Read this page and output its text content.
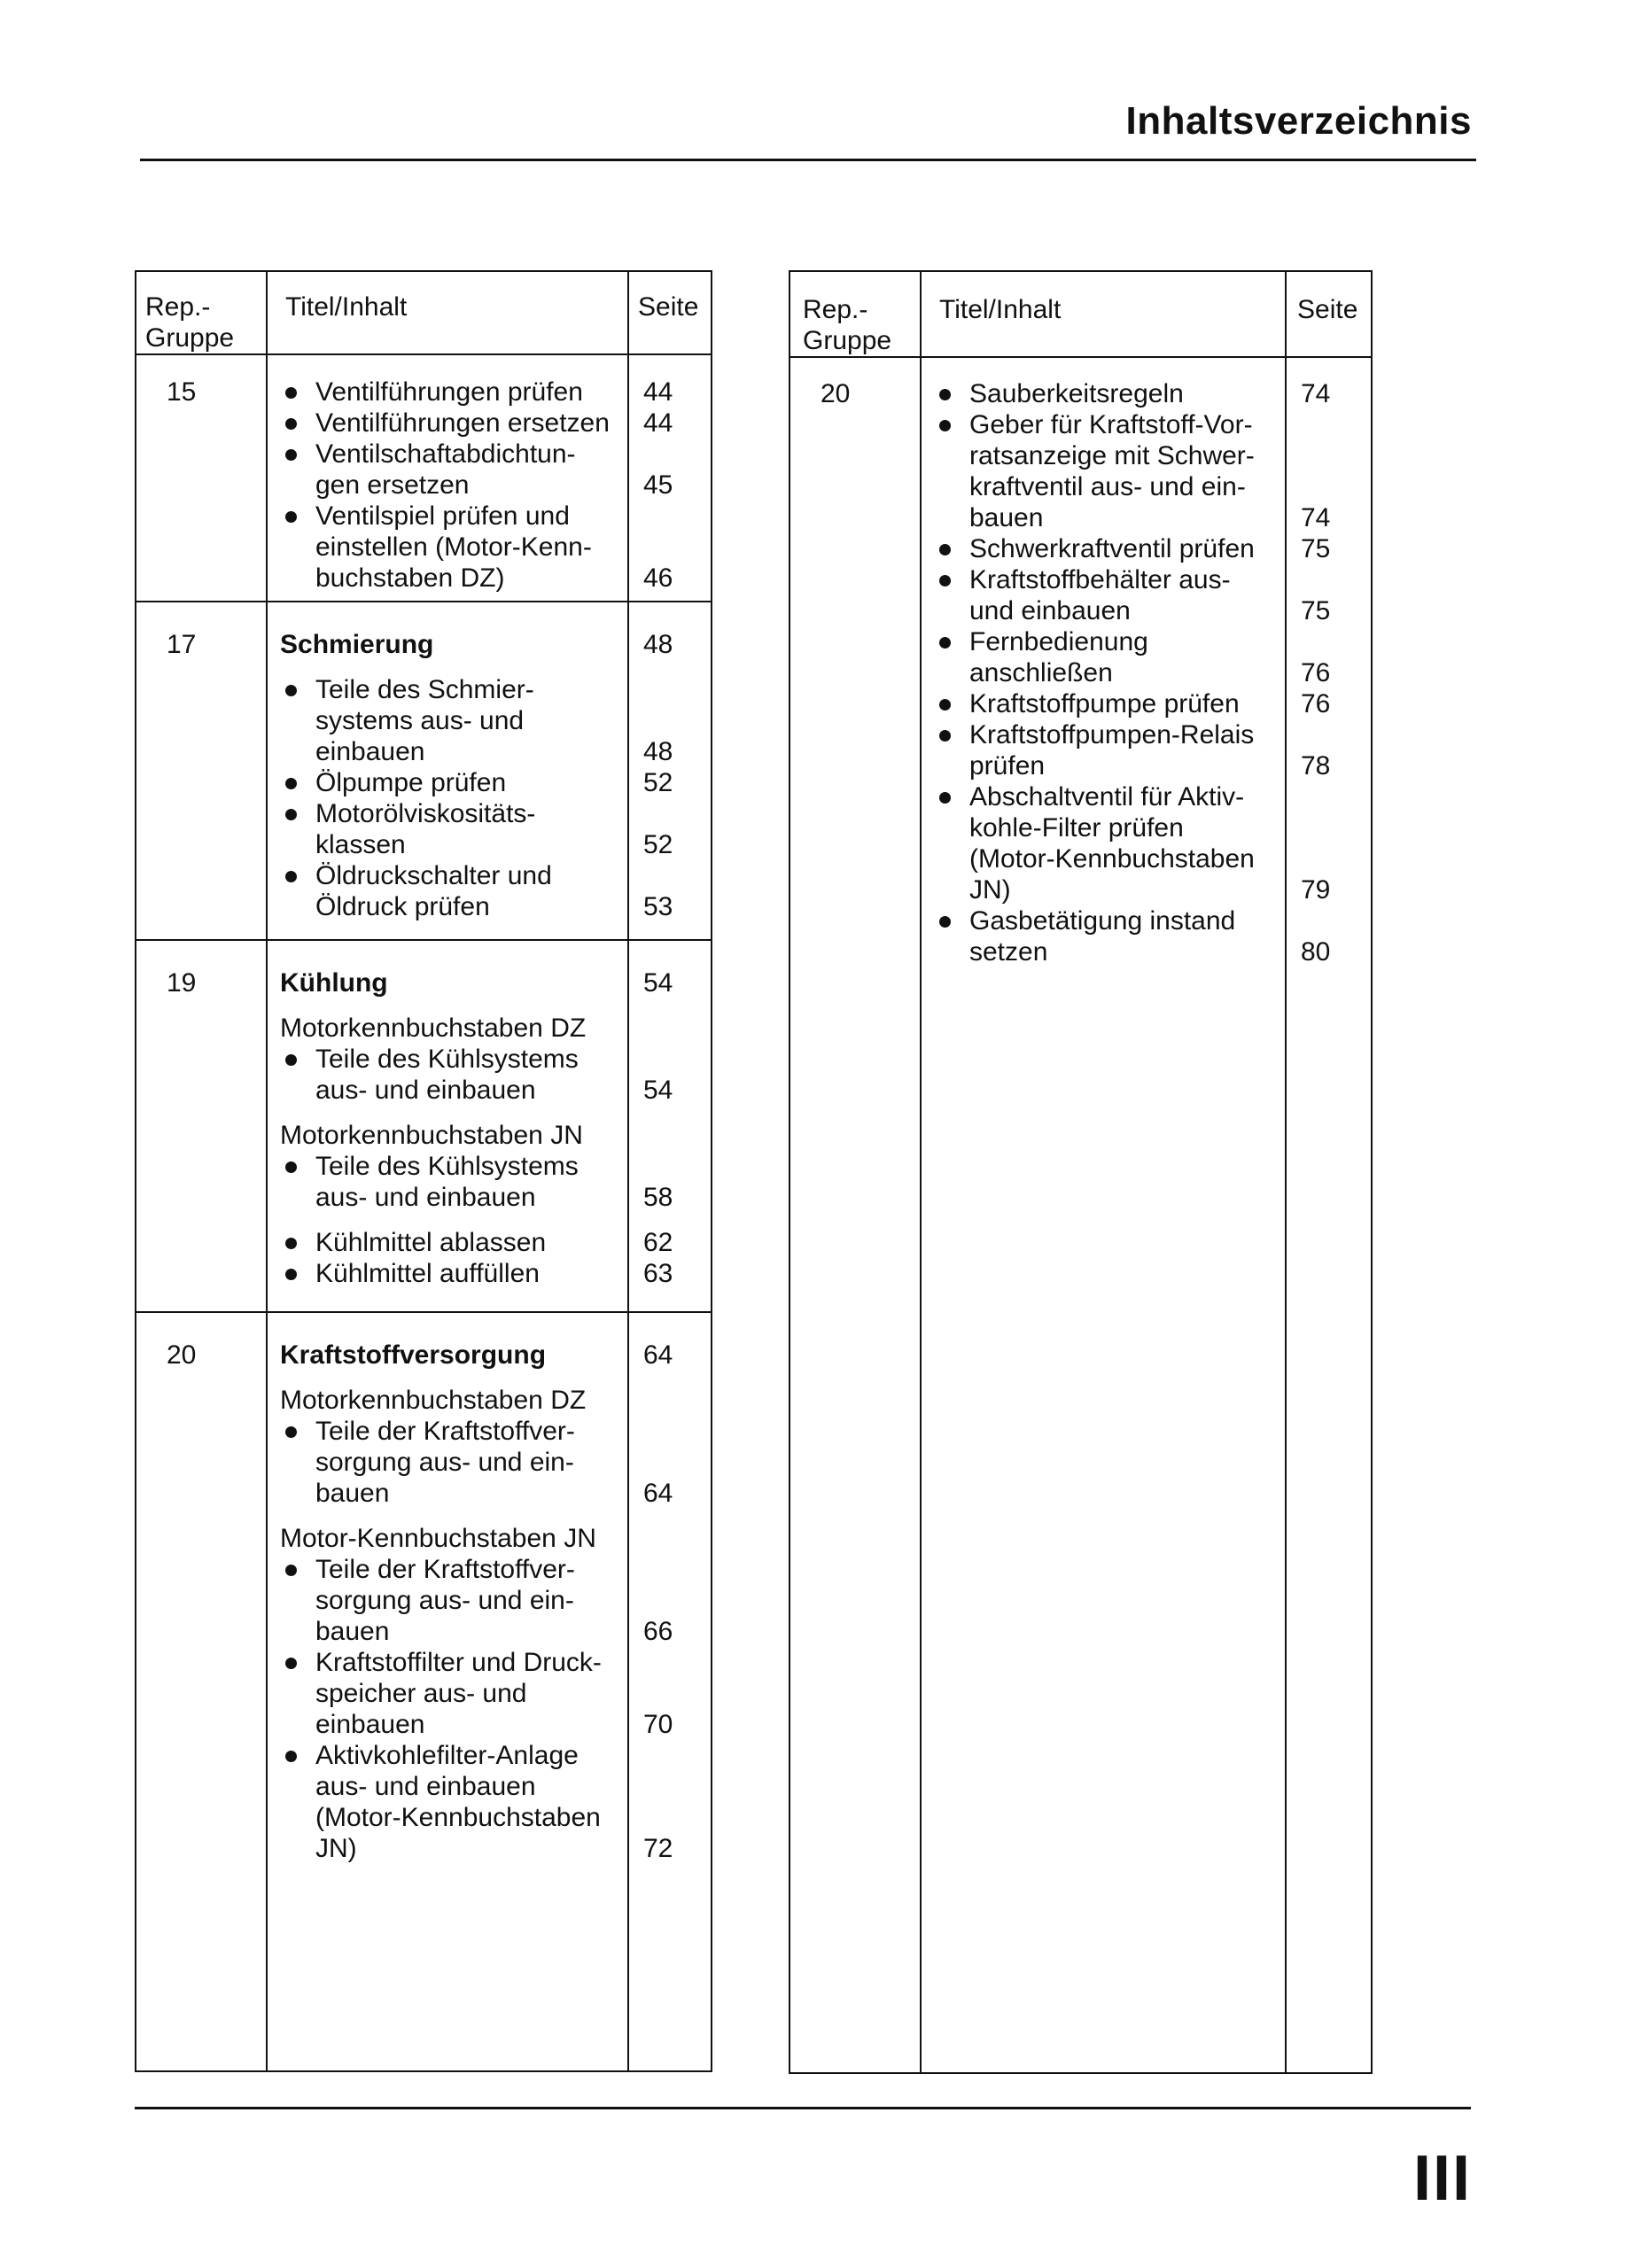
Inhaltsverzeichnis
Rep.-
Gruppe
Titel/Inhalt	Seite
15	Ventilführungen prüfen	44
Ventilführungen ersetzen	44
Ventilschaftabdichtun-
gen ersetzen	45
Ventilspiel prüfen und
einstellen (Motor-Kenn-
buchstaben DZ)	46
17	Schmierung	48
Teile des Schmier-
systems aus- und
einbauen	48
Ölpumpe prüfen	52
Motorölviskositäts-
klassen	52
Öldruckschalter und
Öldruck prüfen	53
19	Kühlung	54
Motorkennbuchstaben DZ
Teile des Kühlsystems
aus- und einbauen	54
Motorkennbuchstaben JN
Teile des Kühlsystems
aus- und einbauen	58
Kühlmittel ablassen	62
Kühlmittel auffüllen	63
20	Kraftstoffversorgung	64
Motorkennbuchstaben DZ
Teile der Kraftstoffver-
sorgung aus- und ein-
bauen	64
Motor-Kennbuchstaben JN
Teile der Kraftstoffver-
sorgung aus- und ein-
bauen	66
Kraftstoffilter und Druck-
speicher aus- und
einbauen	70
Aktivkohlefilter-Anlage
aus- und einbauen
(Motor-Kennbuchstaben
JN)	72
Rep.-
Gruppe
Titel/Inhalt	Seite
20	Sauberkeitsregeln	74
Geber für Kraftstoff-Vor-
ratsanzeige mit Schwer-
kraftventil aus- und ein-
bauen	74
Schwerkraftventil prüfen	75
Kraftstoffbehälter aus-
und einbauen	75
Fernbedienung
anschließen	76
Kraftstoffpumpe prüfen	76
Kraftstoffpumpen-Relais
prüfen	78
Abschaltventil für Aktiv-
kohle-Filter prüfen
(Motor-Kennbuchstaben
JN)	79
Gasbetätigung instand
setzen	80
III
